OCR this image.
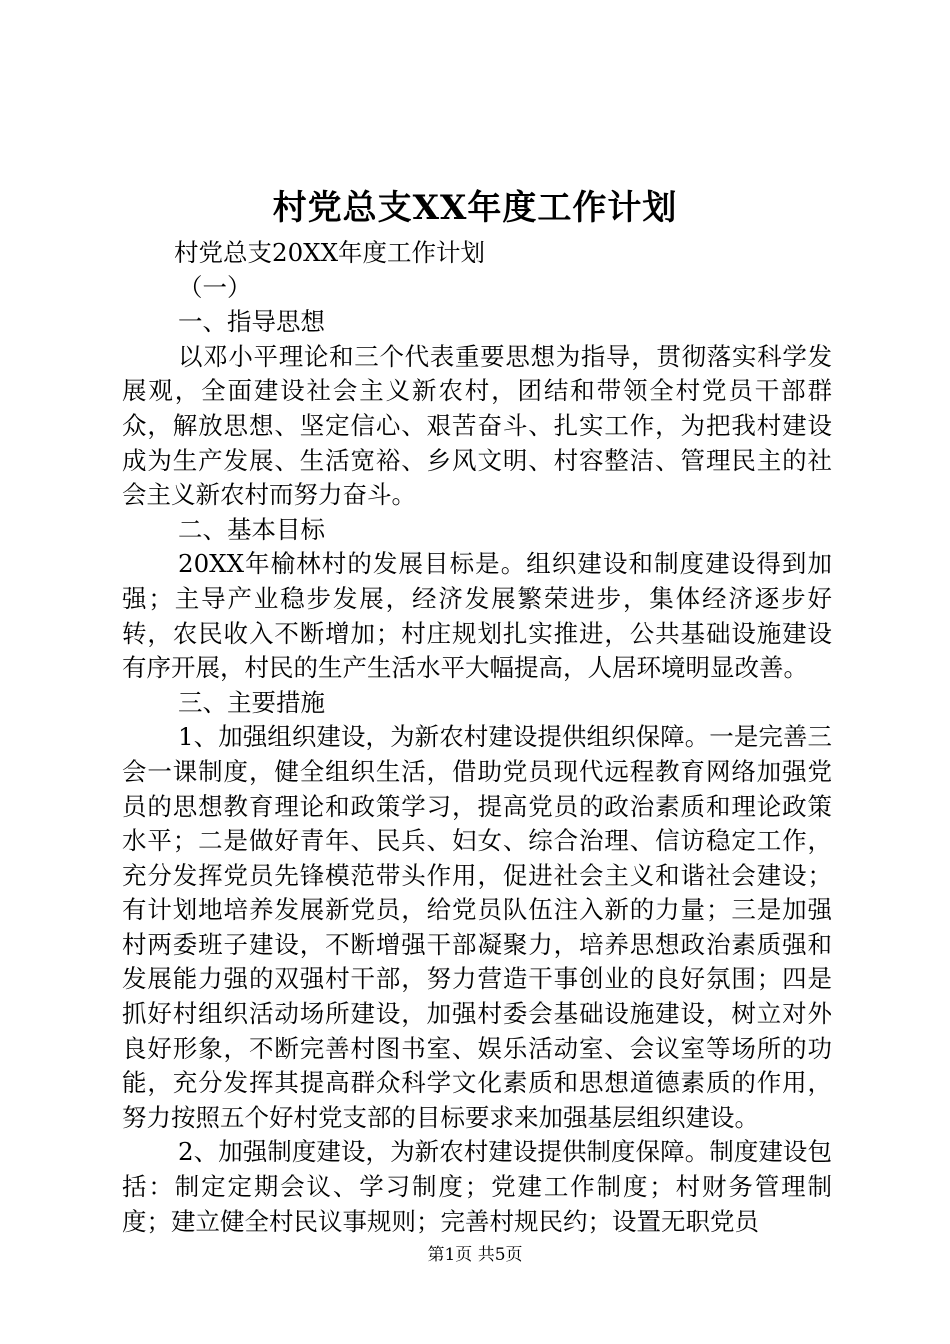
村党总支XX年度工作计划

村党总支20XX年度工作计划

（一）

一、指导思想

以邓小平理论和三个代表重要思想为指导，贯彻落实科学发展观，全面建设社会主义新农村，团结和带领全村党员干部群众，解放思想、坚定信心、艰苦奋斗、扎实工作，为把我村建设成为生产发展、生活宽裕、乡风文明、村容整洁、管理民主的社会主义新农村而努力奋斗。

二、基本目标

20XX年榆林村的发展目标是。组织建设和制度建设得到加强；主导产业稳步发展，经济发展繁荣进步，集体经济逐步好转，农民收入不断增加；村庄规划扎实推进，公共基础设施建设有序开展，村民的生产生活水平大幅提高，人居环境明显改善。

三、主要措施

1、加强组织建设，为新农村建设提供组织保障。一是完善三会一课制度，健全组织生活，借助党员现代远程教育网络加强党员的思想教育理论和政策学习，提高党员的政治素质和理论政策水平；二是做好青年、民兵、妇女、综合治理、信访稳定工作，充分发挥党员先锋模范带头作用，促进社会主义和谐社会建设；有计划地培养发展新党员，给党员队伍注入新的力量；三是加强村两委班子建设，不断增强干部凝聚力，培养思想政治素质强和发展能力强的双强村干部，努力营造干事创业的良好氛围；四是抓好村组织活动场所建设，加强村委会基础设施建设，树立对外良好形象，不断完善村图书室、娱乐活动室、会议室等场所的功能，充分发挥其提高群众科学文化素质和思想道德素质的作用，努力按照五个好村党支部的目标要求来加强基层组织建设。

2、加强制度建设，为新农村建设提供制度保障。制度建设包括：制定定期会议、学习制度；党建工作制度；村财务管理制度；建立健全村民议事规则；完善村规民约；设置无职党员

第1页 共5页
